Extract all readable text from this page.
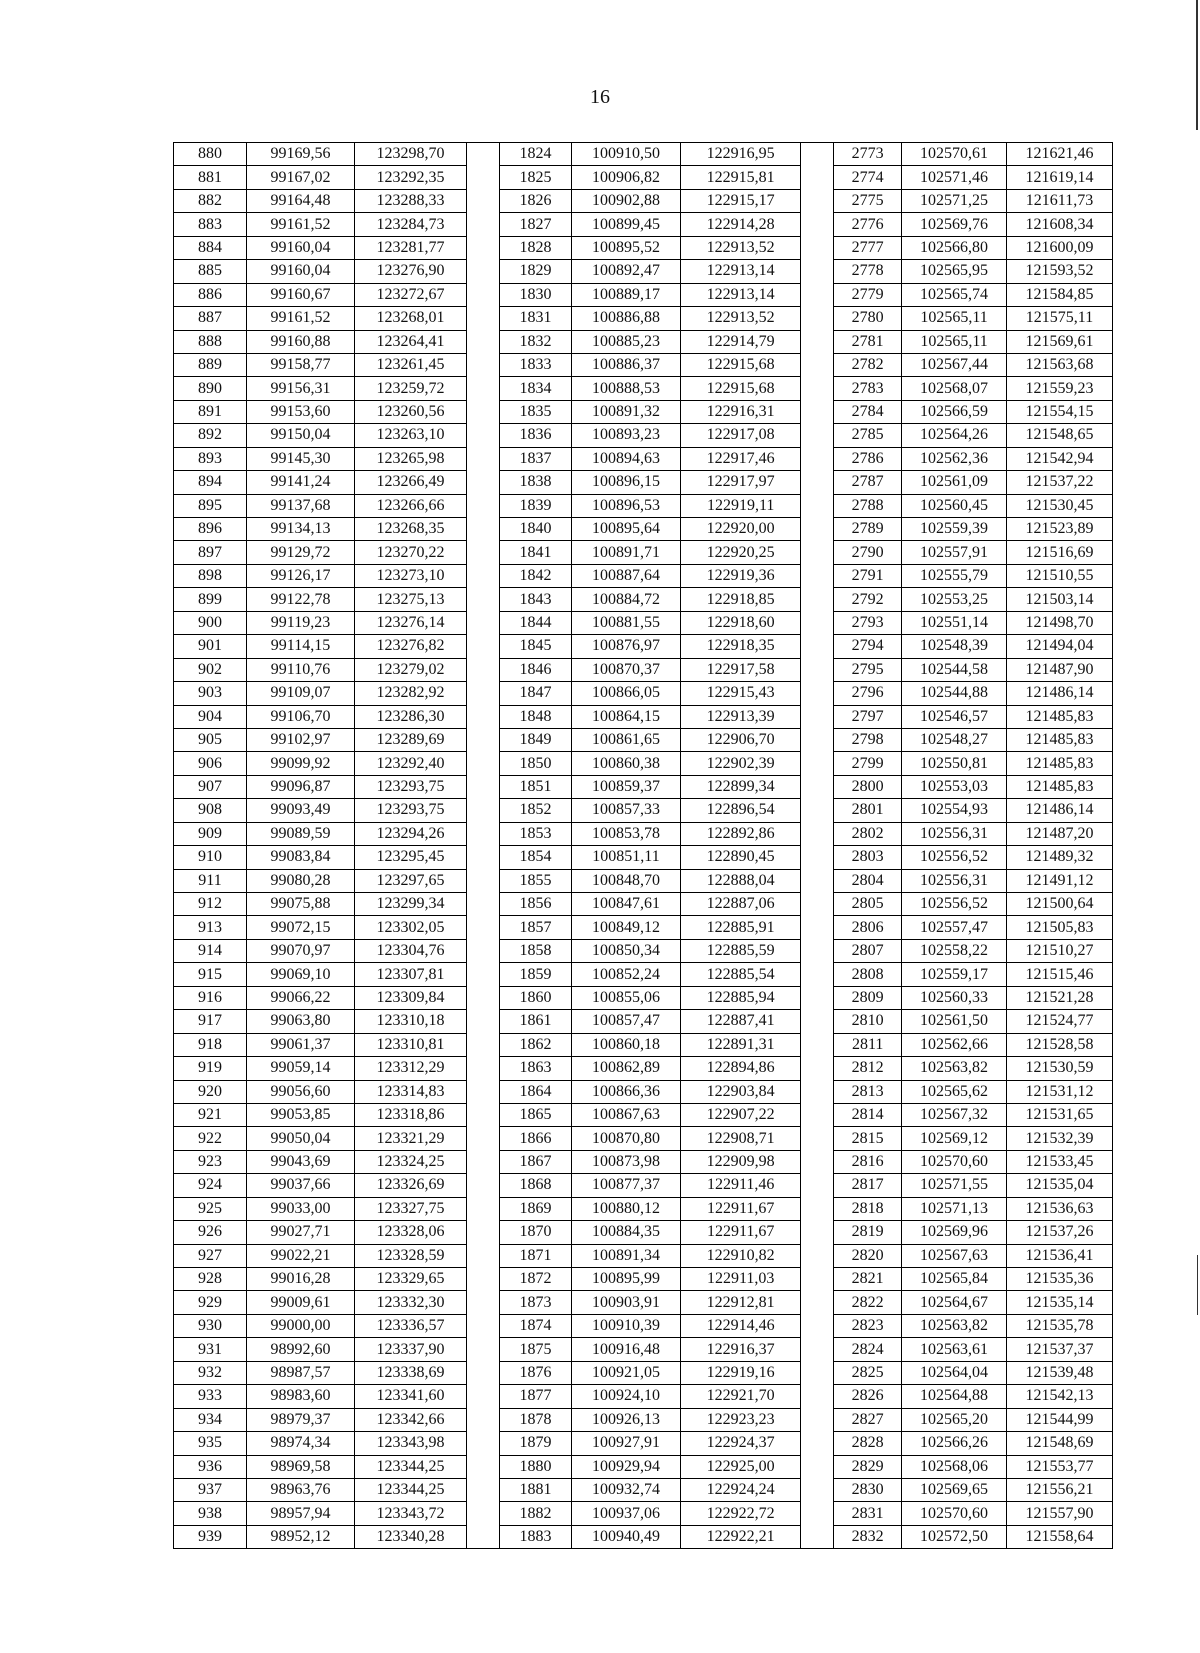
16
880	99169,56	123298,70		1824	100910,50	122916,95		2773	102570,61	121621,46
881	99167,02	123292,35		1825	100906,82	122915,81		2774	102571,46	121619,14
882	99164,48	123288,33		1826	100902,88	122915,17		2775	102571,25	121611,73
883	99161,52	123284,73		1827	100899,45	122914,28		2776	102569,76	121608,34
884	99160,04	123281,77		1828	100895,52	122913,52		2777	102566,80	121600,09
885	99160,04	123276,90		1829	100892,47	122913,14		2778	102565,95	121593,52
886	99160,67	123272,67		1830	100889,17	122913,14		2779	102565,74	121584,85
887	99161,52	123268,01		1831	100886,88	122913,52		2780	102565,11	121575,11
888	99160,88	123264,41		1832	100885,23	122914,79		2781	102565,11	121569,61
889	99158,77	123261,45		1833	100886,37	122915,68		2782	102567,44	121563,68
890	99156,31	123259,72		1834	100888,53	122915,68		2783	102568,07	121559,23
891	99153,60	123260,56		1835	100891,32	122916,31		2784	102566,59	121554,15
892	99150,04	123263,10		1836	100893,23	122917,08		2785	102564,26	121548,65
893	99145,30	123265,98		1837	100894,63	122917,46		2786	102562,36	121542,94
894	99141,24	123266,49		1838	100896,15	122917,97		2787	102561,09	121537,22
895	99137,68	123266,66		1839	100896,53	122919,11		2788	102560,45	121530,45
896	99134,13	123268,35		1840	100895,64	122920,00		2789	102559,39	121523,89
897	99129,72	123270,22		1841	100891,71	122920,25		2790	102557,91	121516,69
898	99126,17	123273,10		1842	100887,64	122919,36		2791	102555,79	121510,55
899	99122,78	123275,13		1843	100884,72	122918,85		2792	102553,25	121503,14
900	99119,23	123276,14		1844	100881,55	122918,60		2793	102551,14	121498,70
901	99114,15	123276,82		1845	100876,97	122918,35		2794	102548,39	121494,04
902	99110,76	123279,02		1846	100870,37	122917,58		2795	102544,58	121487,90
903	99109,07	123282,92		1847	100866,05	122915,43		2796	102544,88	121486,14
904	99106,70	123286,30		1848	100864,15	122913,39		2797	102546,57	121485,83
905	99102,97	123289,69		1849	100861,65	122906,70		2798	102548,27	121485,83
906	99099,92	123292,40		1850	100860,38	122902,39		2799	102550,81	121485,83
907	99096,87	123293,75		1851	100859,37	122899,34		2800	102553,03	121485,83
908	99093,49	123293,75		1852	100857,33	122896,54		2801	102554,93	121486,14
909	99089,59	123294,26		1853	100853,78	122892,86		2802	102556,31	121487,20
910	99083,84	123295,45		1854	100851,11	122890,45		2803	102556,52	121489,32
911	99080,28	123297,65		1855	100848,70	122888,04		2804	102556,31	121491,12
912	99075,88	123299,34		1856	100847,61	122887,06		2805	102556,52	121500,64
913	99072,15	123302,05		1857	100849,12	122885,91		2806	102557,47	121505,83
914	99070,97	123304,76		1858	100850,34	122885,59		2807	102558,22	121510,27
915	99069,10	123307,81		1859	100852,24	122885,54		2808	102559,17	121515,46
916	99066,22	123309,84		1860	100855,06	122885,94		2809	102560,33	121521,28
917	99063,80	123310,18		1861	100857,47	122887,41		2810	102561,50	121524,77
918	99061,37	123310,81		1862	100860,18	122891,31		2811	102562,66	121528,58
919	99059,14	123312,29		1863	100862,89	122894,86		2812	102563,82	121530,59
920	99056,60	123314,83		1864	100866,36	122903,84		2813	102565,62	121531,12
921	99053,85	123318,86		1865	100867,63	122907,22		2814	102567,32	121531,65
922	99050,04	123321,29		1866	100870,80	122908,71		2815	102569,12	121532,39
923	99043,69	123324,25		1867	100873,98	122909,98		2816	102570,60	121533,45
924	99037,66	123326,69		1868	100877,37	122911,46		2817	102571,55	121535,04
925	99033,00	123327,75		1869	100880,12	122911,67		2818	102571,13	121536,63
926	99027,71	123328,06		1870	100884,35	122911,67		2819	102569,96	121537,26
927	99022,21	123328,59		1871	100891,34	122910,82		2820	102567,63	121536,41
928	99016,28	123329,65		1872	100895,99	122911,03		2821	102565,84	121535,36
929	99009,61	123332,30		1873	100903,91	122912,81		2822	102564,67	121535,14
930	99000,00	123336,57		1874	100910,39	122914,46		2823	102563,82	121535,78
931	98992,60	123337,90		1875	100916,48	122916,37		2824	102563,61	121537,37
932	98987,57	123338,69		1876	100921,05	122919,16		2825	102564,04	121539,48
933	98983,60	123341,60		1877	100924,10	122921,70		2826	102564,88	121542,13
934	98979,37	123342,66		1878	100926,13	122923,23		2827	102565,20	121544,99
935	98974,34	123343,98		1879	100927,91	122924,37		2828	102566,26	121548,69
936	98969,58	123344,25		1880	100929,94	122925,00		2829	102568,06	121553,77
937	98963,76	123344,25		1881	100932,74	122924,24		2830	102569,65	121556,21
938	98957,94	123343,72		1882	100937,06	122922,72		2831	102570,60	121557,90
939	98952,12	123340,28		1883	100940,49	122922,21		2832	102572,50	121558,64
